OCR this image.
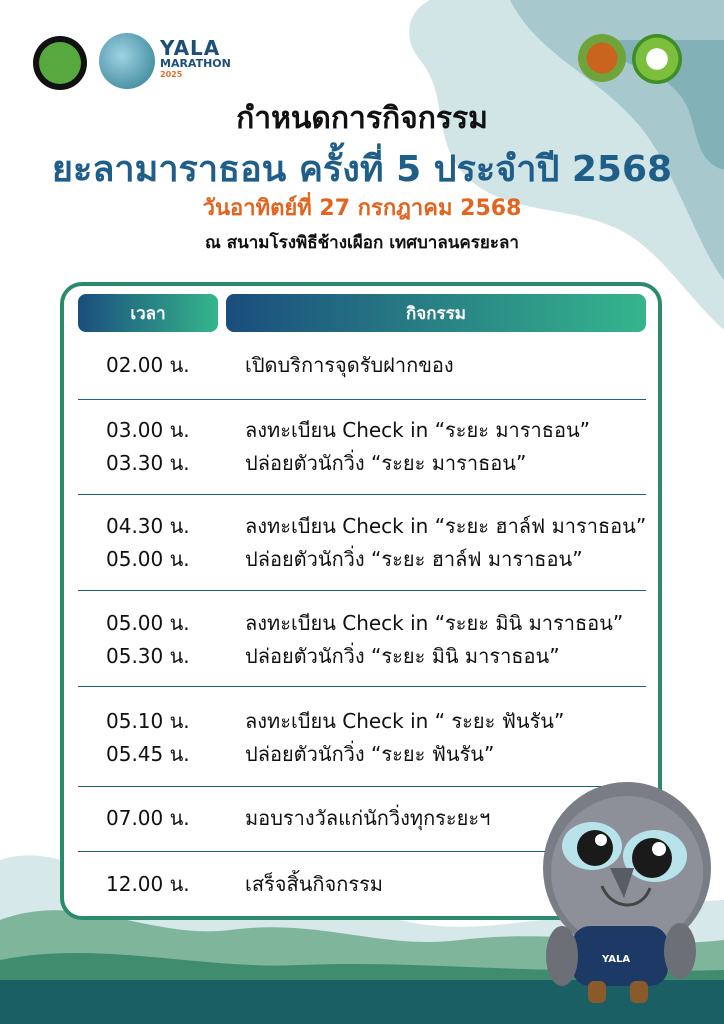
YALA
MARATHON
2025
กำหนดการกิจกรรม
ยะลามาราธอน ครั้งที่ 5 ประจำปี 2568
วันอาทิตย์ที่ 27 กรกฎาคม 2568
ณ สนามโรงพิธีช้างเผือก เทศบาลนครยะลา
เวลา	กิจกรรม
02.00 น.	เปิดบริการจุดรับฝากของ
03.00 น.	ลงทะเบียน Check in “ระยะ มาราธอน”
03.30 น.	ปล่อยตัวนักวิ่ง “ระยะ มาราธอน”
04.30 น.	ลงทะเบียน Check in “ระยะ ฮาล์ฟ มาราธอน”
05.00 น.	ปล่อยตัวนักวิ่ง “ระยะ ฮาล์ฟ มาราธอน”
05.00 น.	ลงทะเบียน Check in “ระยะ มินิ มาราธอน”
05.30 น.	ปล่อยตัวนักวิ่ง “ระยะ มินิ มาราธอน”
05.10 น.	ลงทะเบียน Check in “ ระยะ ฟันรัน”
05.45 น.	ปล่อยตัวนักวิ่ง “ระยะ ฟันรัน”
07.00 น.	มอบรางวัลแก่นักวิ่งทุกระยะฯ
12.00 น.	เสร็จสิ้นกิจกรรม
YALA
